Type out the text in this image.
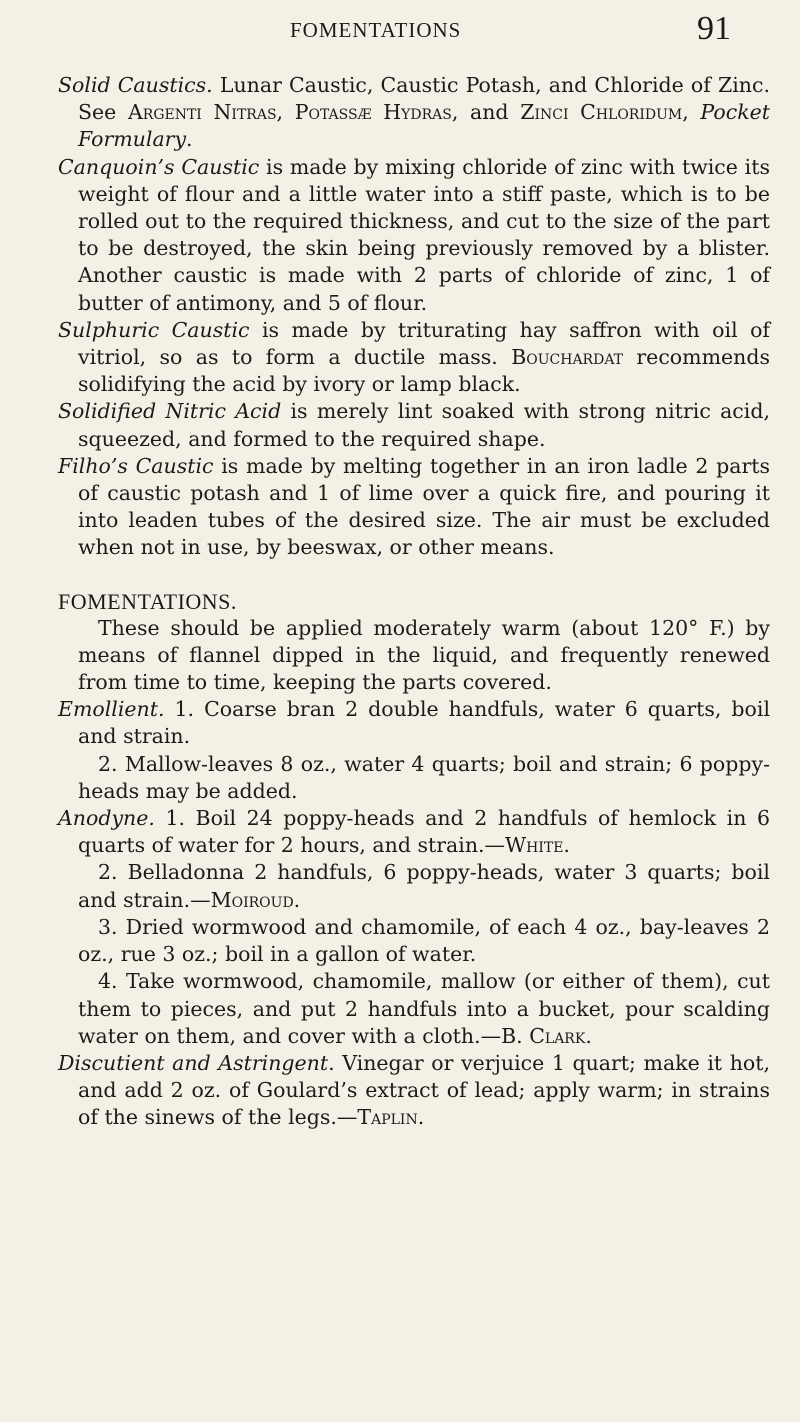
FOMENTATIONS	91

Solid Caustics. Lunar Caustic, Caustic Potash, and Chloride of Zinc. See Argenti Nitras, Potassæ Hydras, and Zinci Chloridum, Pocket Formulary.

Canquoin’s Caustic is made by mixing chloride of zinc with twice its weight of flour and a little water into a stiff paste, which is to be rolled out to the required thickness, and cut to the size of the part to be destroyed, the skin being previously removed by a blister. Another caustic is made with 2 parts of chloride of zinc, 1 of butter of antimony, and 5 of flour.

Sulphuric Caustic is made by triturating hay saffron with oil of vitriol, so as to form a ductile mass. Bouchardat recommends solidifying the acid by ivory or lamp black.

Solidified Nitric Acid is merely lint soaked with strong nitric acid, squeezed, and formed to the required shape.

Filho’s Caustic is made by melting together in an iron ladle 2 parts of caustic potash and 1 of lime over a quick fire, and pouring it into leaden tubes of the desired size. The air must be excluded when not in use, by beeswax, or other means.

FOMENTATIONS.

These should be applied moderately warm (about 120° F.) by means of flannel dipped in the liquid, and frequently renewed from time to time, keeping the parts covered.

Emollient. 1. Coarse bran 2 double handfuls, water 6 quarts, boil and strain.

2. Mallow-leaves 8 oz., water 4 quarts; boil and strain; 6 poppy-heads may be added.

Anodyne. 1. Boil 24 poppy-heads and 2 handfuls of hemlock in 6 quarts of water for 2 hours, and strain.—White.

2. Belladonna 2 handfuls, 6 poppy-heads, water 3 quarts; boil and strain.—Moiroud.

3. Dried wormwood and chamomile, of each 4 oz., bay-leaves 2 oz., rue 3 oz.; boil in a gallon of water.

4. Take wormwood, chamomile, mallow (or either of them), cut them to pieces, and put 2 handfuls into a bucket, pour scalding water on them, and cover with a cloth.—B. Clark.

Discutient and Astringent. Vinegar or verjuice 1 quart; make it hot, and add 2 oz. of Goulard’s extract of lead; apply warm; in strains of the sinews of the legs.—Taplin.
